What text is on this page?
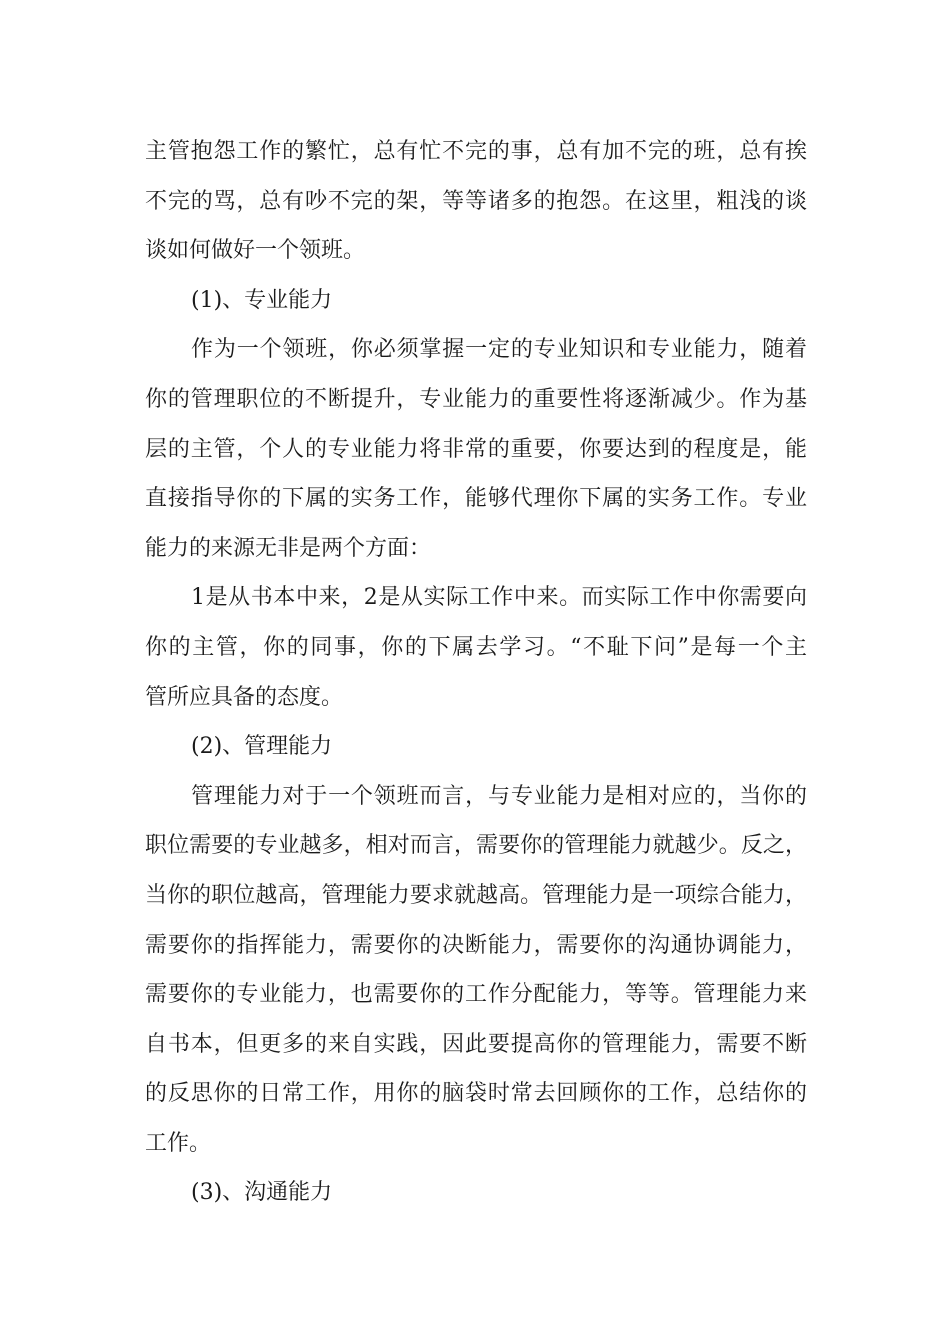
主管抱怨工作的繁忙，总有忙不完的事，总有加不完的班，总有挨
不完的骂，总有吵不完的架，等等诸多的抱怨。在这里，粗浅的谈
谈如何做好一个领班。
(1)、专业能力
作为一个领班，你必须掌握一定的专业知识和专业能力，随着
你的管理职位的不断提升，专业能力的重要性将逐渐减少。作为基
层的主管，个人的专业能力将非常的重要，你要达到的程度是，能
直接指导你的下属的实务工作，能够代理你下属的实务工作。专业
能力的来源无非是两个方面：
1是从书本中来，2是从实际工作中来。而实际工作中你需要向
你的主管，你的同事，你的下属去学习。“不耻下问”是每一个主
管所应具备的态度。
(2)、管理能力
管理能力对于一个领班而言，与专业能力是相对应的，当你的
职位需要的专业越多，相对而言，需要你的管理能力就越少。反之，
当你的职位越高，管理能力要求就越高。管理能力是一项综合能力，
需要你的指挥能力，需要你的决断能力，需要你的沟通协调能力，
需要你的专业能力，也需要你的工作分配能力，等等。管理能力来
自书本，但更多的来自实践，因此要提高你的管理能力，需要不断
的反思你的日常工作，用你的脑袋时常去回顾你的工作，总结你的
工作。
(3)、沟通能力
